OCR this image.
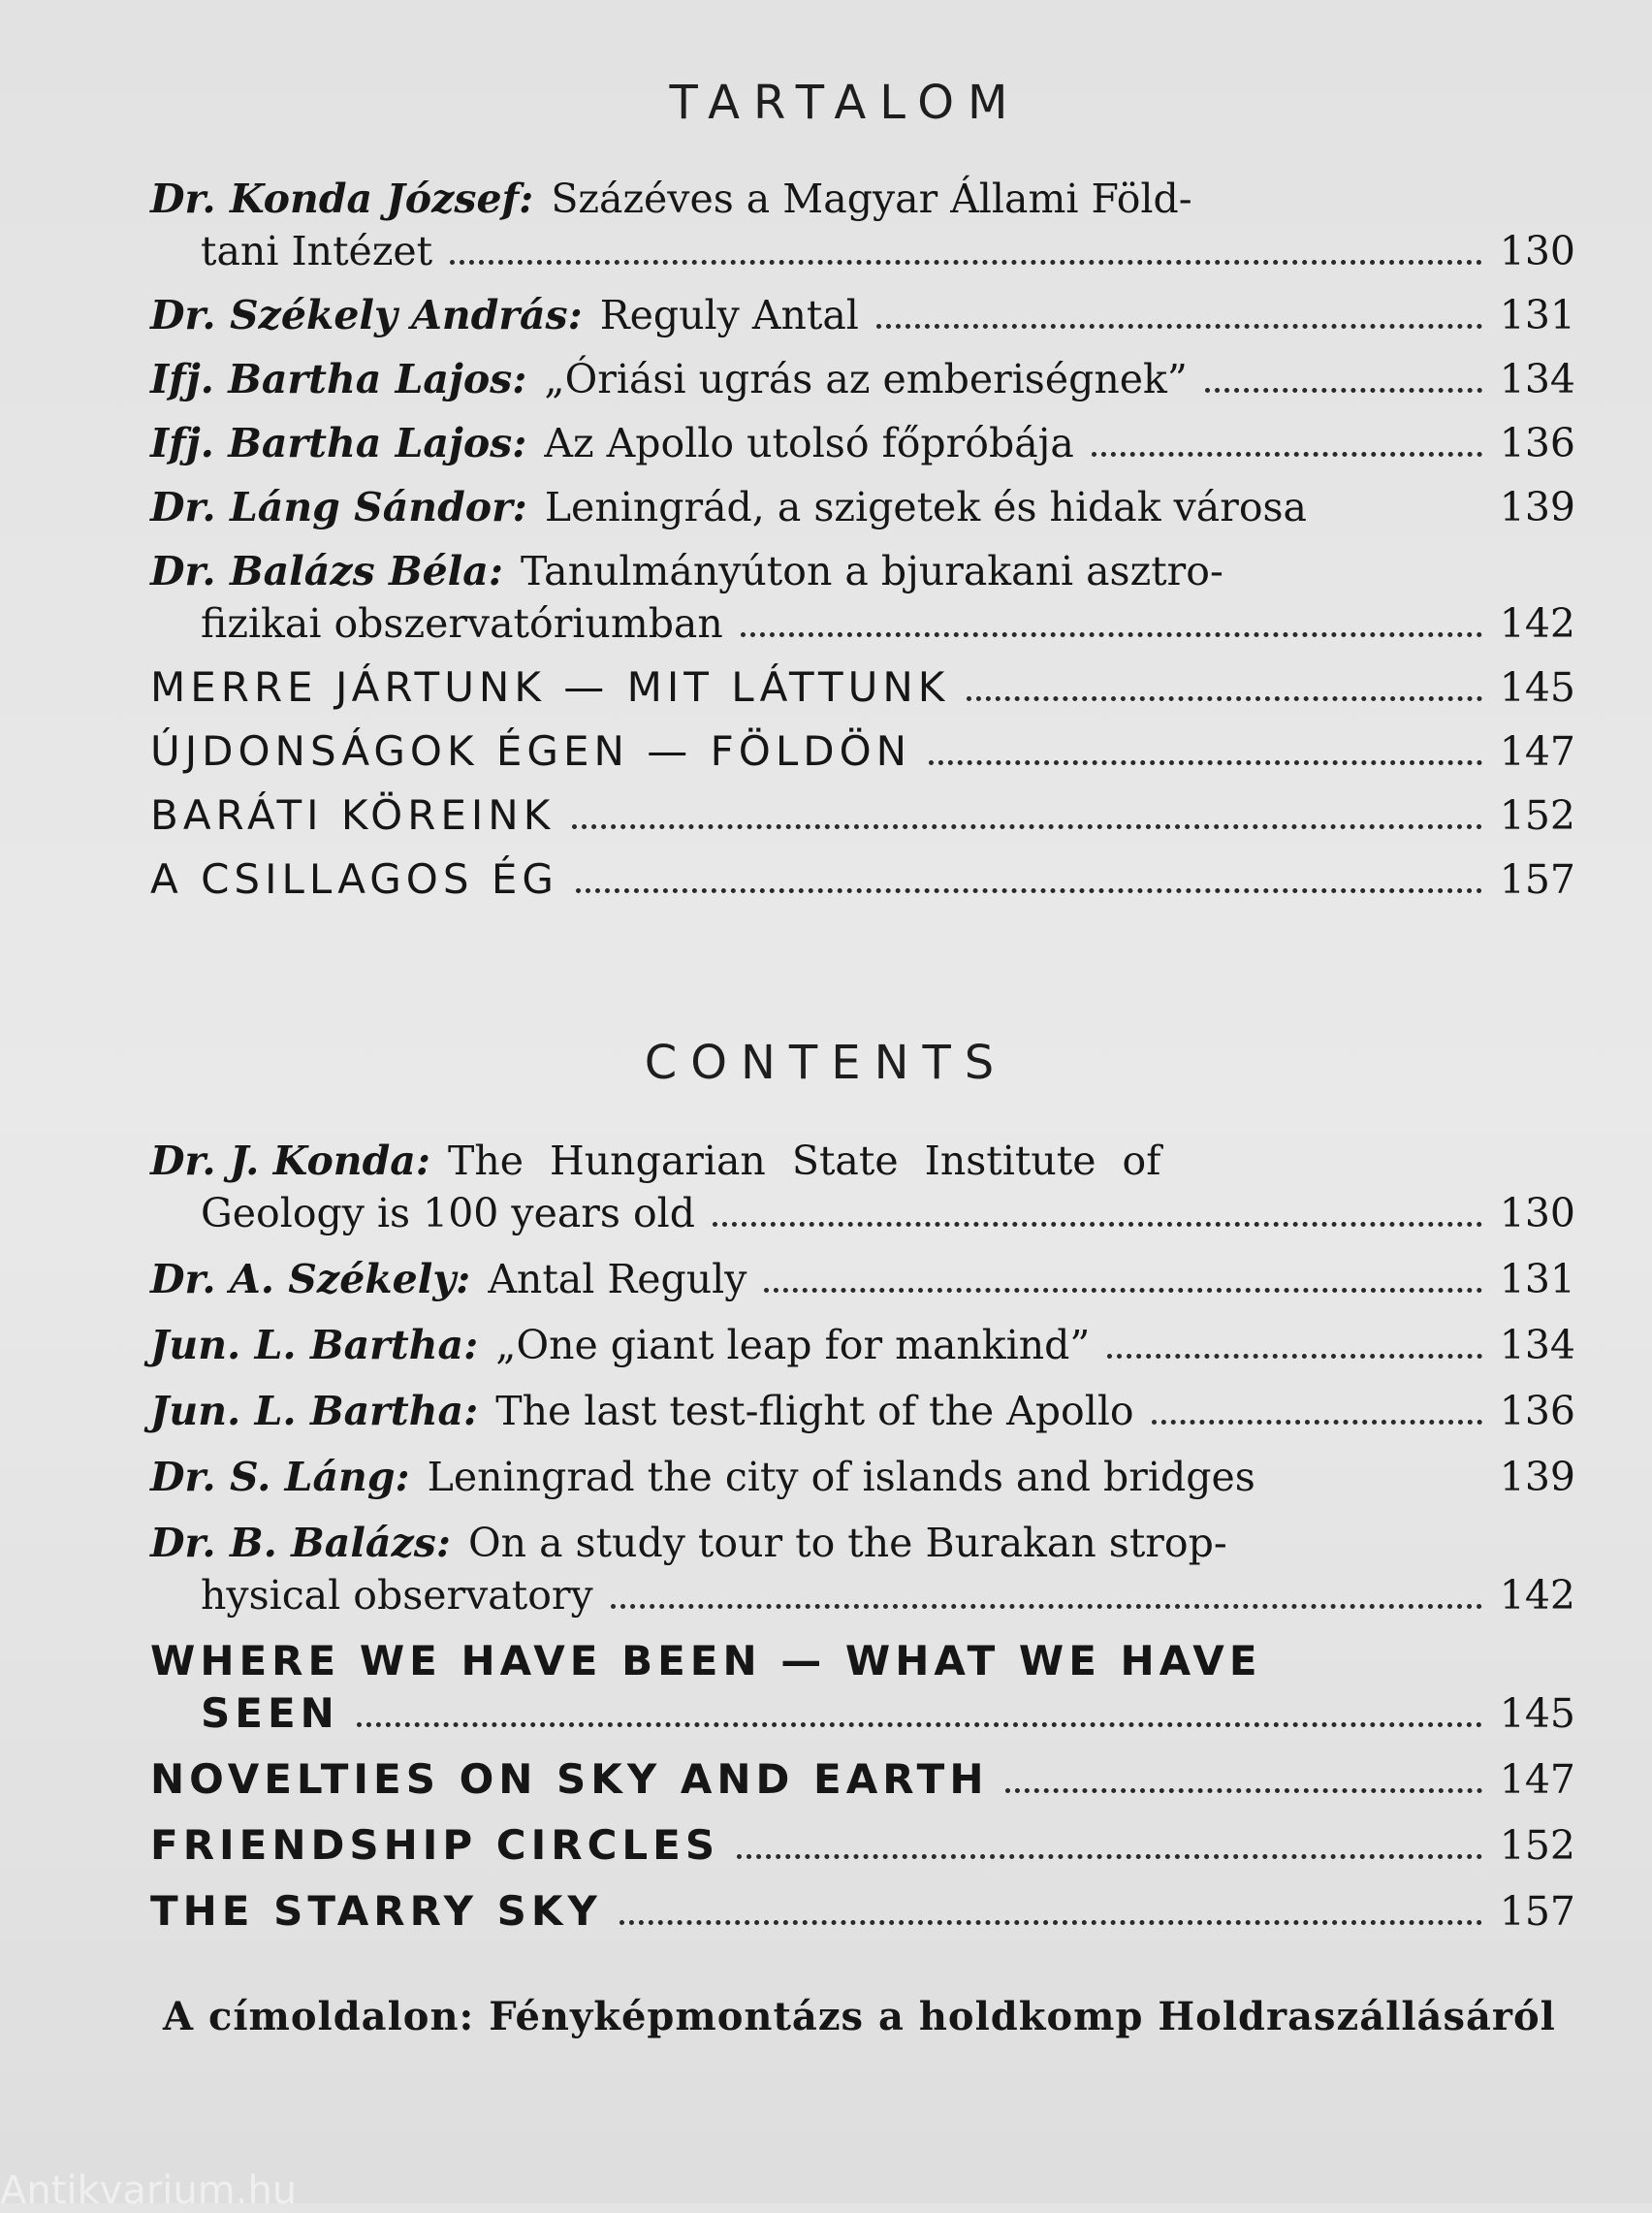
TARTALOM
Dr. Konda József: Százéves a Magyar Állami Föld-
tani Intézet	130
Dr. Székely András: Reguly Antal	131
Ifj. Bartha Lajos: „Óriási ugrás az emberiségnek”	134
Ifj. Bartha Lajos: Az Apollo utolsó főpróbája	136
Dr. Láng Sándor: Leningrád, a szigetek és hidak városa	139
Dr. Balázs Béla: Tanulmányúton a bjurakani asztro-
fizikai obszervatóriumban	142
MERRE JÁRTUNK — MIT LÁTTUNK	145
ÚJDONSÁGOK ÉGEN — FÖLDÖN	147
BARÁTI KÖREINK	152
A CSILLAGOS ÉG	157
CONTENTS
Dr. J. Konda: The Hungarian State Institute of
Geology is 100 years old	130
Dr. A. Székely: Antal Reguly	131
Jun. L. Bartha: „One giant leap for mankind”	134
Jun. L. Bartha: The last test-flight of the Apollo	136
Dr. S. Láng: Leningrad the city of islands and bridges	139
Dr. B. Balázs: On a study tour to the Burakan strop-
hysical observatory	142
WHERE WE HAVE BEEN — WHAT WE HAVE
SEEN	145
NOVELTIES ON SKY AND EARTH	147
FRIENDSHIP CIRCLES	152
THE STARRY SKY	157
A címoldalon: Fényképmontázs a holdkomp Holdraszállásáról
Antikvarium.hu
